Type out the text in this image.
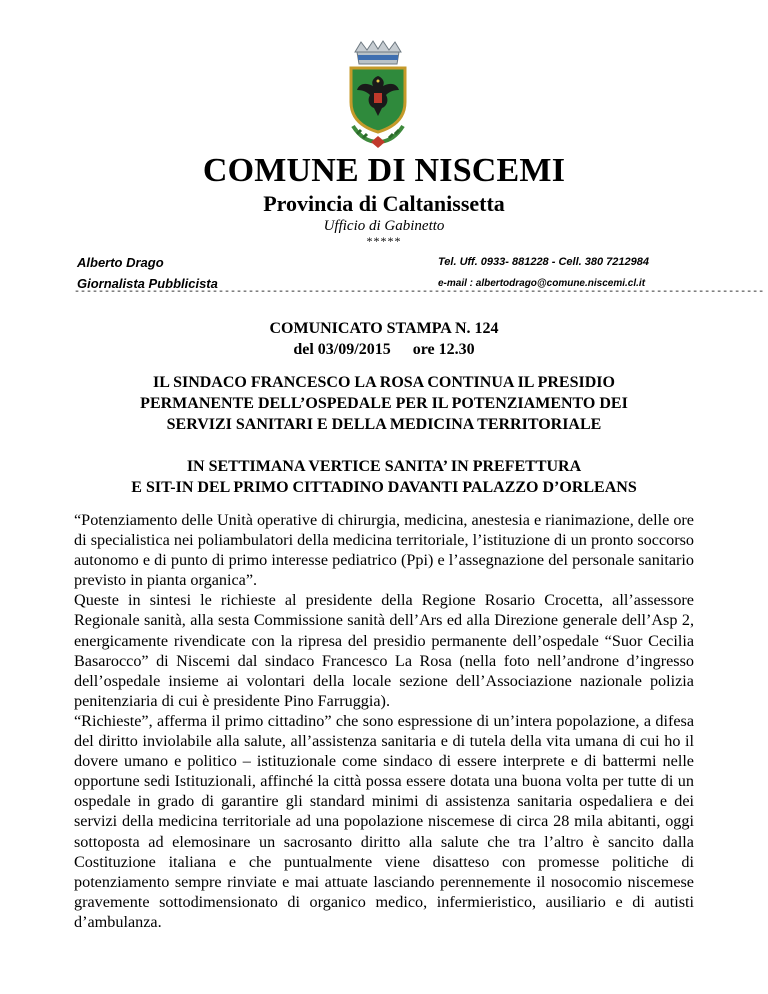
COMUNE DI NISCEMI
Provincia di Caltanissetta
Ufficio di Gabinetto
*****
Alberto Drago
Giornalista Pubblicista
Tel. Uff. 0933- 881228 - Cell. 380 7212984
e-mail : albertodrago@comune.niscemi.cl.it
-------------------------------------------------------------------------------------------------------------------
COMUNICATO STAMPA N. 124
del 03/09/2015 ore 12.30
IL SINDACO FRANCESCO LA ROSA CONTINUA IL PRESIDIO
PERMANENTE DELL’OSPEDALE PER IL POTENZIAMENTO DEI
SERVIZI SANITARI E DELLA MEDICINA TERRITORIALE
IN SETTIMANA VERTICE SANITA’ IN PREFETTURA
E SIT-IN DEL PRIMO CITTADINO DAVANTI PALAZZO D’ORLEANS

“Potenziamento delle Unità operative di chirurgia, medicina, anestesia e rianimazione, delle ore di specialistica nei poliambulatori della medicina territoriale, l’istituzione di un pronto soccorso autonomo e di punto di primo interesse pediatrico (Ppi) e l’assegnazione del personale sanitario previsto in pianta organica”.

Queste in sintesi le richieste al presidente della Regione Rosario Crocetta, all’assessore Regionale sanità, alla sesta Commissione sanità dell’Ars ed alla Direzione generale dell’Asp 2, energicamente rivendicate con la ripresa del presidio permanente dell’ospedale “Suor Cecilia Basarocco” di Niscemi dal sindaco Francesco La Rosa (nella foto nell’androne d’ingresso dell’ospedale insieme ai volontari della locale sezione dell’Associazione nazionale polizia penitenziaria di cui è presidente Pino Farruggia).

“Richieste”, afferma il primo cittadino” che sono espressione di un’intera popolazione, a difesa del diritto inviolabile alla salute, all’assistenza sanitaria e di tutela della vita umana di cui ho il dovere umano e politico – istituzionale come sindaco di essere interprete e di battermi nelle opportune sedi Istituzionali, affinché la città possa essere dotata una buona volta per tutte di un ospedale in grado di garantire gli standard minimi di assistenza sanitaria ospedaliera e dei servizi della medicina territoriale ad una popolazione niscemese di circa 28 mila abitanti, oggi sottoposta ad elemosinare un sacrosanto diritto alla salute che tra l’altro è sancito dalla Costituzione italiana e che puntualmente viene disatteso con promesse politiche di potenziamento sempre rinviate e mai attuate lasciando perennemente il nosocomio niscemese gravemente sottodimensionato di organico medico, infermieristico, ausiliario e di autisti d’ambulanza.
